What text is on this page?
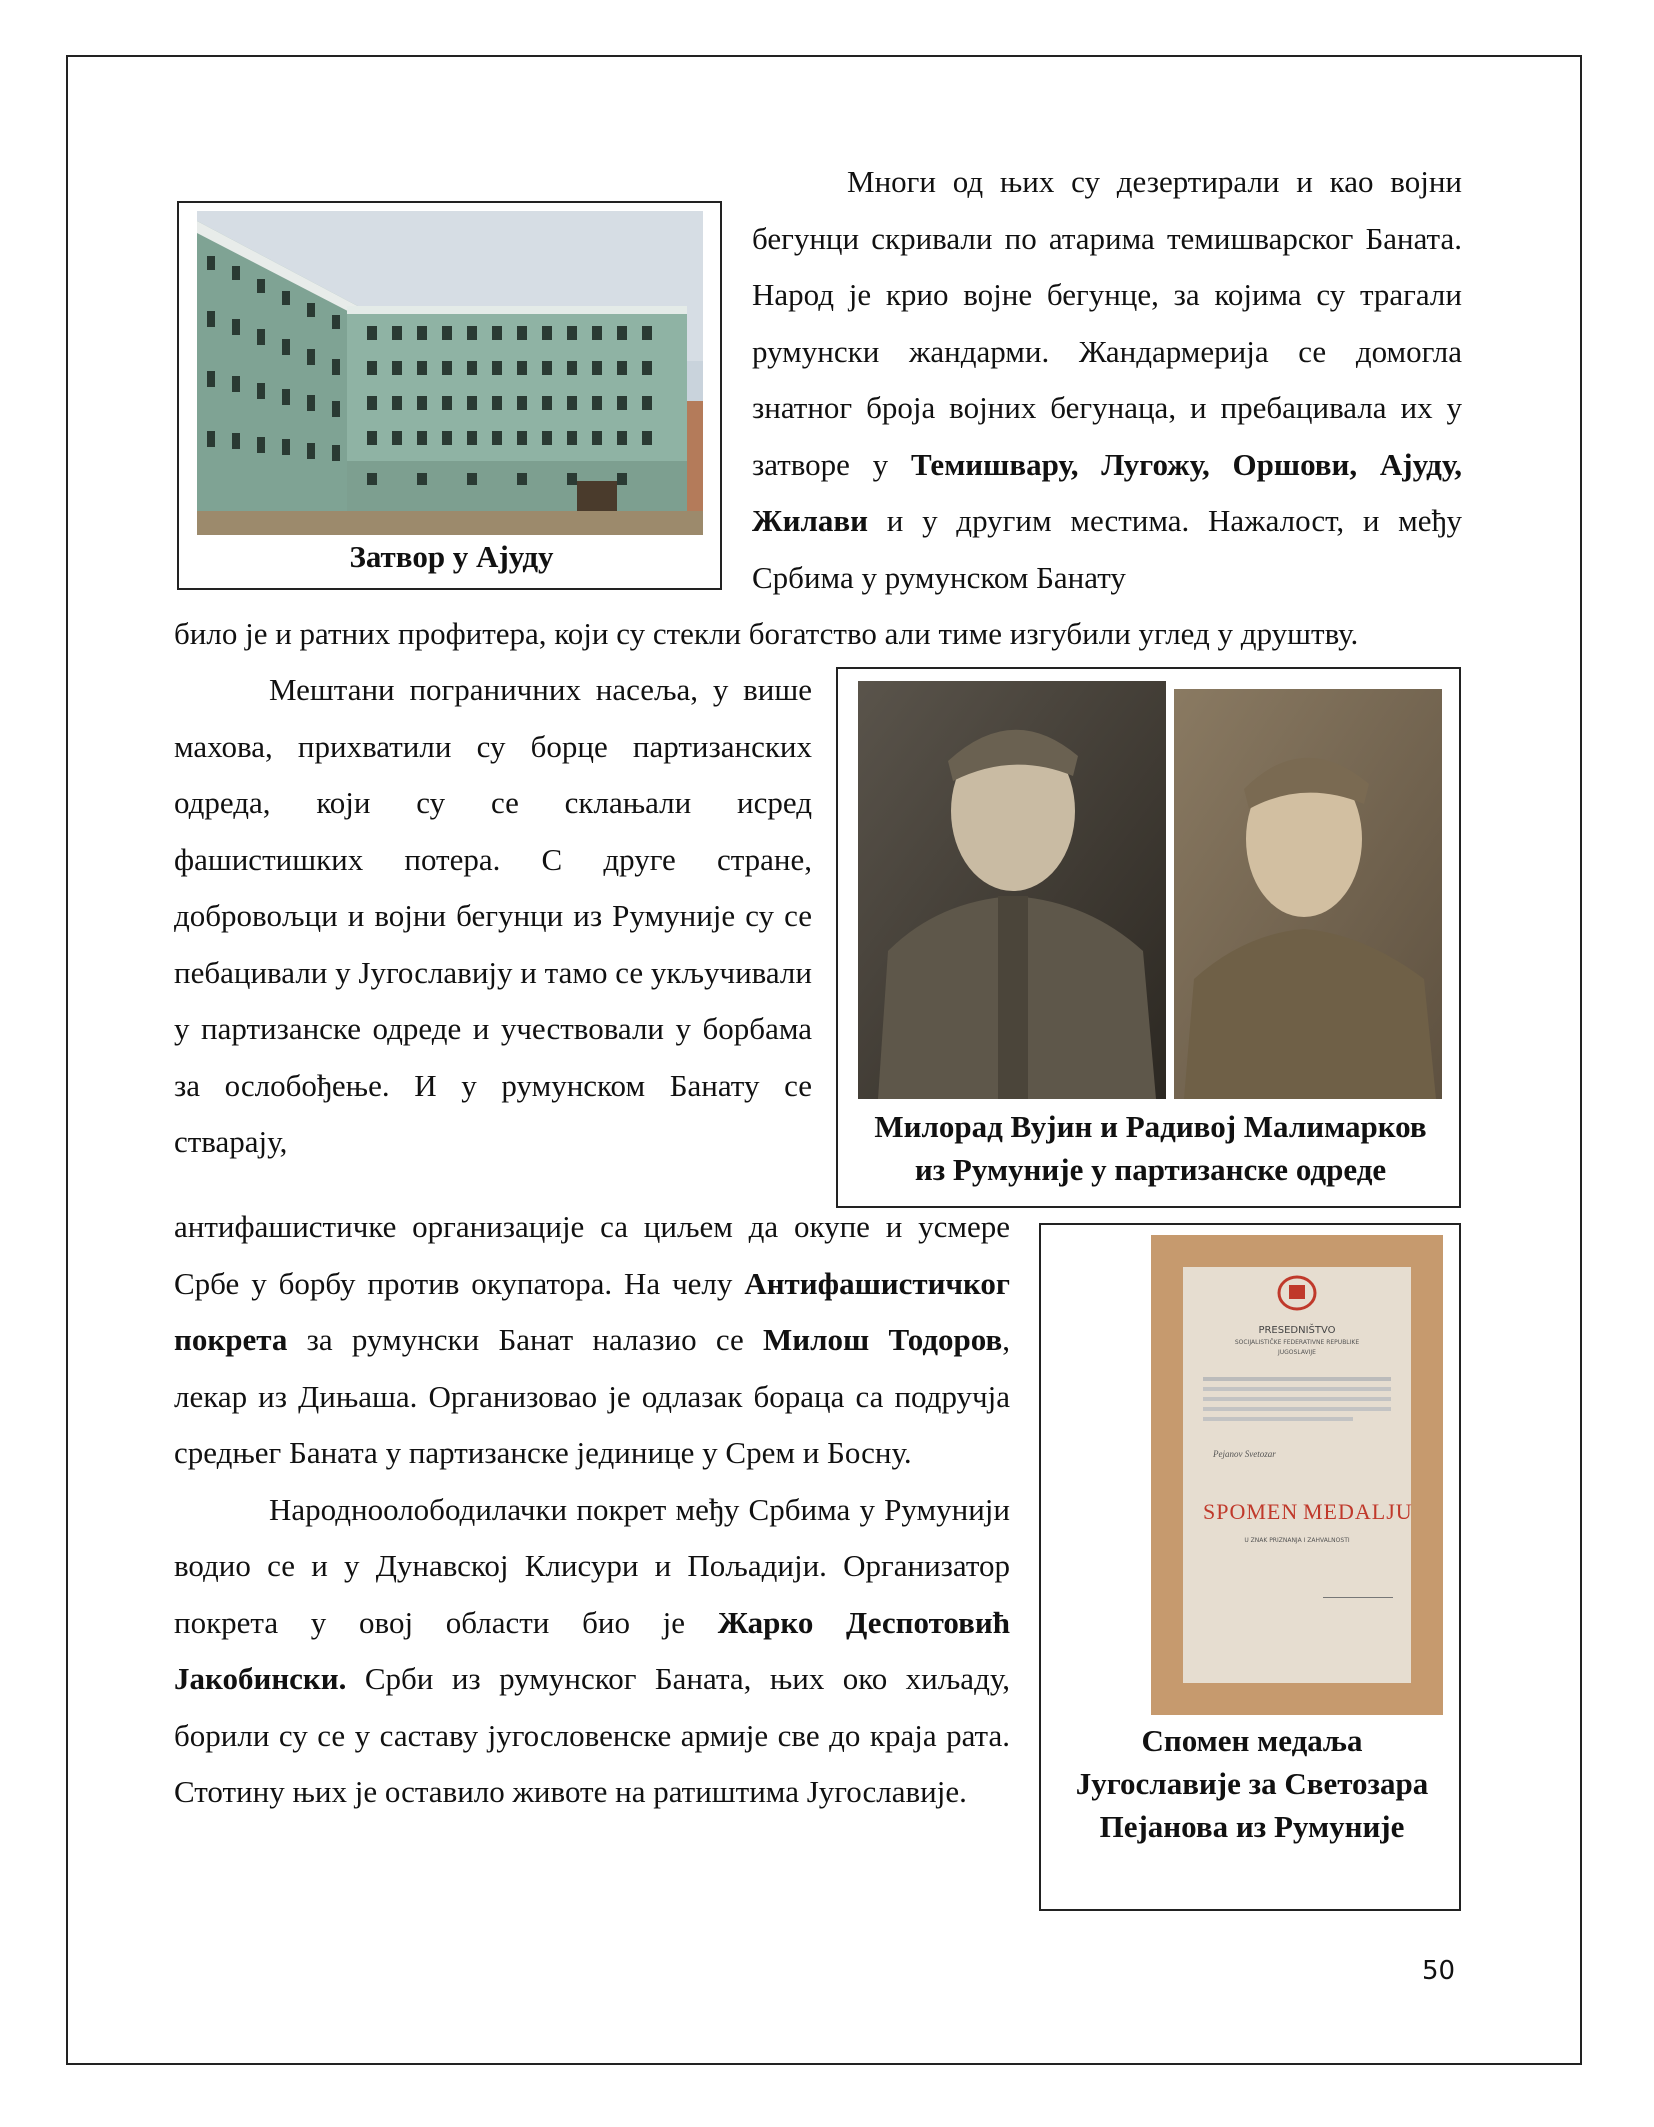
Затвор у Ајуду

Милорад Вујин и Радивој Малимарков

из Румуније у партизанске одреде

PRESEDNIŠTVO
SOCIJALISTIČKE FEDERATIVNE REPUBLIKE
JUGOSLAVIJE
Pejanov Svetozar
SPOMEN MEDALJU
U ZNAK PRIZNANJA I ZAHVALNOSTI

Спомен медаља

Југославије за Светозара

Пејанова из Румуније

Многи од њих су дезертирали и као војни бегунци скривали по атарима темишварског Баната. Народ је крио војне бегунце, за којима су трагали румунски жандарми. Жандармерија се домогла знатног броја војних бегунаца, и пребацивала их у затворе у Темишвару, Лугожу, Оршови, Ајуду, Жилави и у другим местима. Нажалост, и међу Србима у румунском Банату

било је и ратних профитера, који су стекли богатство али тиме изгубили углед у друштву.

Мештани пограничних насеља, у више махова, прихватили су борце партизанских одреда, који су се склањали исред фашистишких потера. С друге стране, добровољци и војни бегунци из Румуније су се пебацивали у Југославију и тамо се укључивали у партизанске одреде и учествовали у борбама за ослобођење. И у румунском Банату се стварају,

антифашистичке организације са циљем да окупе и усмере Србе у борбу против окупатора. На челу Антифашистичког покрета за румунски Банат налазио се Милош Тодоров, лекар из Дињаша. Организовао је одлазак бораца са подручја средњег Баната у партизанске јединице у Срем и Босну.

Народноолободилачки покрет међу Србима у Румунији водио се и у Дунавској Клисури и Пољадији. Организатор покрета у овој области био је Жарко Деспотовић Јакобински. Срби из румунског Баната, њих око хиљаду, борили су се у саставу југословенске армије све до краја рата. Стотину њих је оставило животе на ратиштима Југославије.

50
